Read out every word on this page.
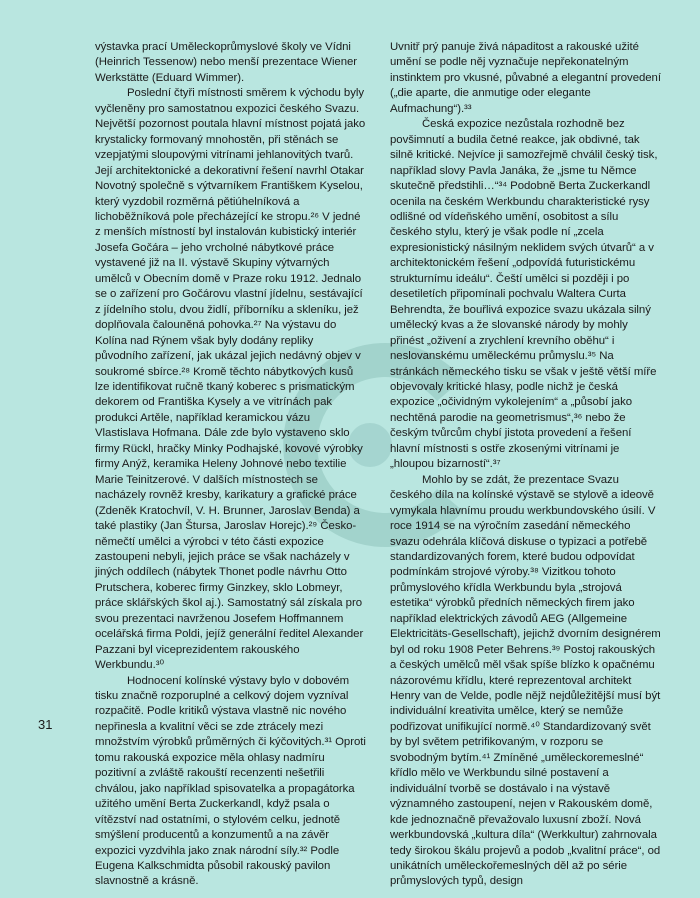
31

výstavka prací Uměleckoprůmyslové školy ve Vídni (Heinrich Tessenow) nebo menší prezentace Wiener Werkstätte (Eduard Wimmer).

Poslední čtyři místnosti směrem k východu byly vyčleněny pro samostatnou expozici českého Svazu. Největší pozornost poutala hlavní místnost pojatá jako krystalicky formovaný mnohostěn, při stěnách se vzepjatými sloupovými vitrínami jehlanovitých tvarů. Její architektonické a dekorativní řešení navrhl Otakar Novotný společně s výtvarníkem Františkem Kyselou, který vyzdobil rozměrná pětiúhelníková a lichoběžníková pole přecházející ke stropu.²⁶ V jedné z menších místností byl instalován kubistický interiér Josefa Gočára – jeho vrcholné nábytkové práce vystavené již na II. výstavě Skupiny výtvarných umělců v Obecním domě v Praze roku 1912. Jednalo se o zařízení pro Gočárovu vlastní jídelnu, sestávající z jídelního stolu, dvou židlí, příborníku a skleníku, jež doplňovala čalouněná pohovka.²⁷ Na výstavu do Kolína nad Rýnem však byly dodány repliky původního zařízení, jak ukázal jejich nedávný objev v soukromé sbírce.²⁸ Kromě těchto nábytkových kusů lze identifikovat ručně tkaný koberec s prismatickým dekorem od Františka Kysely a ve vitrínách pak produkci Artěle, například keramickou vázu Vlastislava Hofmana. Dále zde bylo vystaveno sklo firmy Rückl, hračky Minky Podhajské, kovové výrobky firmy Anýž, keramika Heleny Johnové nebo textilie Marie Teinitzerové. V dalších místnostech se nacházely rovněž kresby, karikatury a grafické práce (Zdeněk Kratochvíl, V. H. Brunner, Jaroslav Benda) a také plastiky (Jan Štursa, Jaroslav Horejc).²⁹ Česko-němečtí umělci a výrobci v této části expozice zastoupeni nebyli, jejich práce se však nacházely v jiných oddílech (nábytek Thonet podle návrhu Otto Prutschera, koberec firmy Ginzkey, sklo Lobmeyr, práce sklářských škol aj.). Samostatný sál získala pro svou prezentaci navrženou Josefem Hoffmannem ocelářská firma Poldi, jejíž generální ředitel Alexander Pazzani byl viceprezidentem rakouského Werkbundu.³⁰

Hodnocení kolínské výstavy bylo v dobovém tisku značně rozporuplné a celkový dojem vyzníval rozpačitě. Podle kritiků výstava vlastně nic nového nepřinesla a kvalitní věci se zde ztrácely mezi množstvím výrobků průměrných či kýčovitých.³¹ Oproti tomu rakouská expozice měla ohlasy nadmíru pozitivní a zvláště rakouští recenzenti nešetřili chválou, jako například spisovatelka a propagátorka užitého umění Berta Zuckerkandl, když psala o vítězství nad ostatními, o stylovém celku, jednotě smýšlení producentů a konzumentů a na závěr expozici vyzdvihla jako znak národní síly.³² Podle Eugena Kalkschmidta působil rakouský pavilon slavnostně a krásně.

Uvnitř prý panuje živá nápaditost a rakouské užité umění se podle něj vyznačuje nepřekonatelným instinktem pro vkusné, půvabné a elegantní provedení („die aparte, die anmutige oder elegante Aufmachung“).³³

Česká expozice nezůstala rozhodně bez povšimnutí a budila četné reakce, jak obdivné, tak silně kritické. Nejvíce ji samozřejmě chválil český tisk, například slovy Pavla Janáka, že „jsme tu Němce skutečně předstihli…“³⁴ Podobně Berta Zuckerkandl ocenila na českém Werkbundu charakteristické rysy odlišné od vídeňského umění, osobitost a sílu českého stylu, který je však podle ní „zcela expresionistický násilným neklidem svých útvarů“ a v architektonickém řešení „odpovídá futuristickému strukturnímu ideálu“. Čeští umělci si později i po desetiletích připomínali pochvalu Waltera Curta Behrendta, že bouřlivá expozice svazu ukázala silný umělecký kvas a že slovanské národy by mohly přinést „oživení a zrychlení krevního oběhu“ i neslovanskému uměleckému průmyslu.³⁵ Na stránkách německého tisku se však v ještě větší míře objevovaly kritické hlasy, podle nichž je česká expozice „očividným vykolejením“ a „působí jako nechtěná parodie na geometrismus“,³⁶ nebo že českým tvůrcům chybí jistota provedení a řešení hlavní místnosti s ostře zkosenými vitrínami je „hloupou bizarností“.³⁷

Mohlo by se zdát, že prezentace Svazu českého díla na kolínské výstavě se stylově a ideově vymykala hlavnímu proudu werkbundovského úsilí. V roce 1914 se na výročním zasedání německého svazu odehrála klíčová diskuse o typizaci a potřebě standardizovaných forem, které budou odpovídat podmínkám strojové výroby.³⁸ Vizitkou tohoto průmyslového křídla Werkbundu byla „strojová estetika“ výrobků předních německých firem jako například elektrických závodů AEG (Allgemeine Elektricitäts-Gesellschaft), jejichž dvorním designérem byl od roku 1908 Peter Behrens.³⁹ Postoj rakouských a českých umělců měl však spíše blízko k opačnému názorovému křídlu, které reprezentoval architekt Henry van de Velde, podle nějž nejdůležitější musí být individuální kreativita umělce, který se nemůže podřizovat unifikující normě.⁴⁰ Standardizovaný svět by byl světem petrifikovaným, v rozporu se svobodným bytím.⁴¹ Zmíněné „uměleckoremeslné“ křídlo mělo ve Werkbundu silné postavení a individuální tvorbě se dostávalo i na výstavě významného zastoupení, nejen v Rakouském domě, kde jednoznačně převažovalo luxusní zboží. Nová werkbundovská „kultura díla“ (Werkkultur) zahrnovala tedy širokou škálu projevů a podob „kvalitní práce“, od unikátních uměleckořemeslných děl až po série průmyslových typů, design
